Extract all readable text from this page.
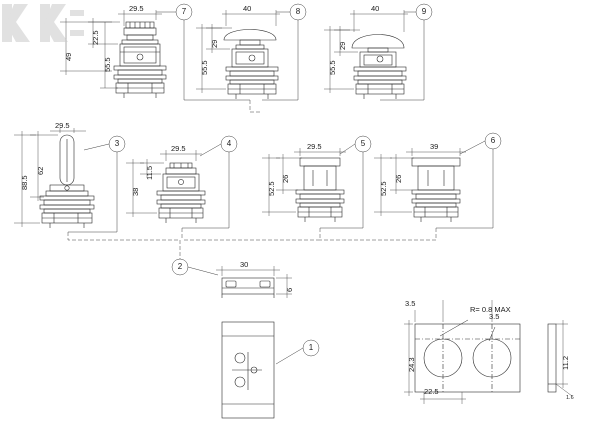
7	8	9
3	4	5	6
2
1
29.5
22.5
49
55.5
40
29
55.5
40
29
55.5
29.5
62
88.5
29.5
11.5
38
29.5
26
52.5
39
26
52.5
30
6
3.5
3.5
24.3
22.5
11.2
1.6
R= 0.8 MAX
